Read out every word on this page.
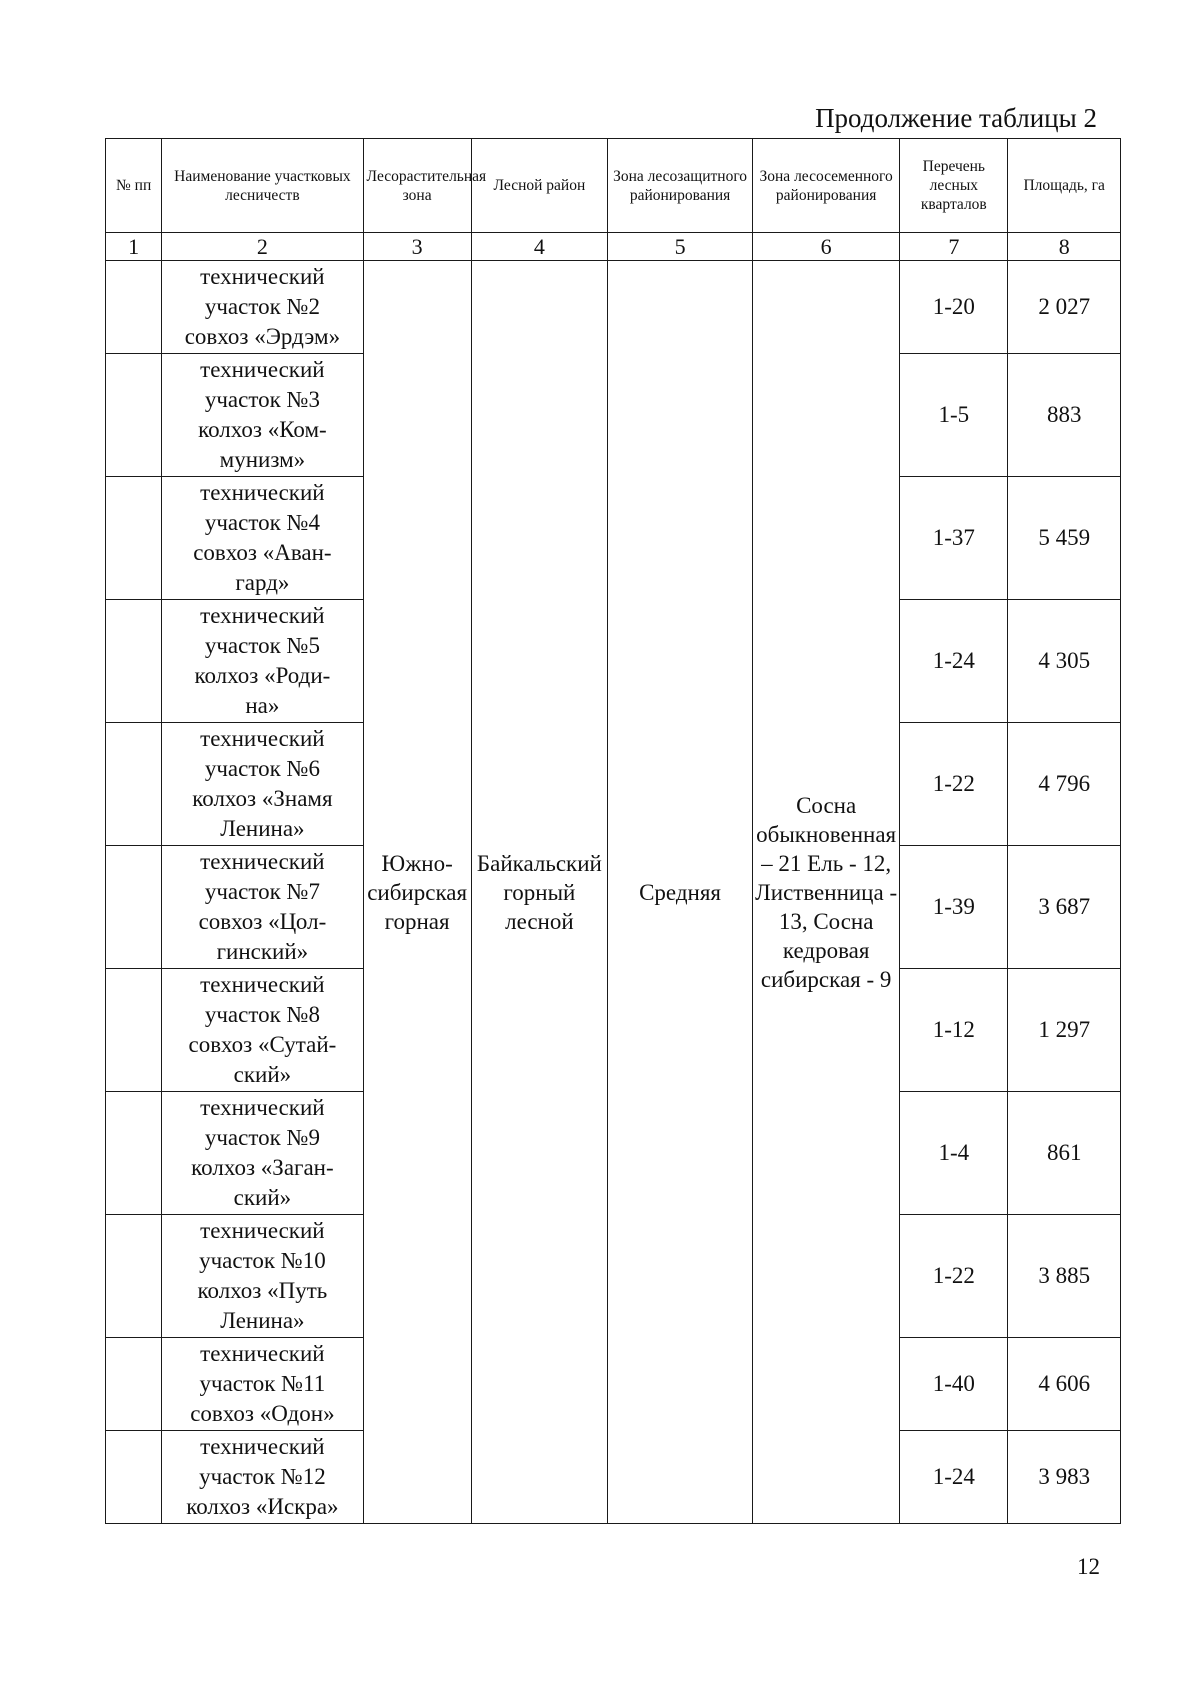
Продолжение таблицы 2
№ пп	Наименование участковых лесничеств	Лесорастительная зона	Лесной район	Зона лесозащитного районирования	Зона лесосеменного районирования	Перечень лесных кварталов	Площадь, га
1	2	3	4	5	6	7	8
	технический
участок №2
совхоз «Эрдэм»	Южно-сибирская горная	Байкальский горный лесной	Средняя	Сосна обыкновенная – 21 Ель - 12, Лиственница - 13, Сосна кедровая сибирская - 9	1-20	2 027
	технический
участок №3
колхоз «Ком-
мунизм»					1-5	883
	технический
участок №4
совхоз «Аван-
гард»					1-37	5 459
	технический
участок №5
колхоз «Роди-
на»					1-24	4 305
	технический
участок №6
колхоз «Знамя
Ленина»					1-22	4 796
	технический
участок №7
совхоз «Цол-
гинский»					1-39	3 687
	технический
участок №8
совхоз «Сутай-
ский»					1-12	1 297
	технический
участок №9
колхоз «Заган-
ский»					1-4	861
	технический
участок №10
колхоз «Путь
Ленина»					1-22	3 885
	технический
участок №11
совхоз «Одон»					1-40	4 606
	технический
участок №12
колхоз «Искра»					1-24	3 983
12
